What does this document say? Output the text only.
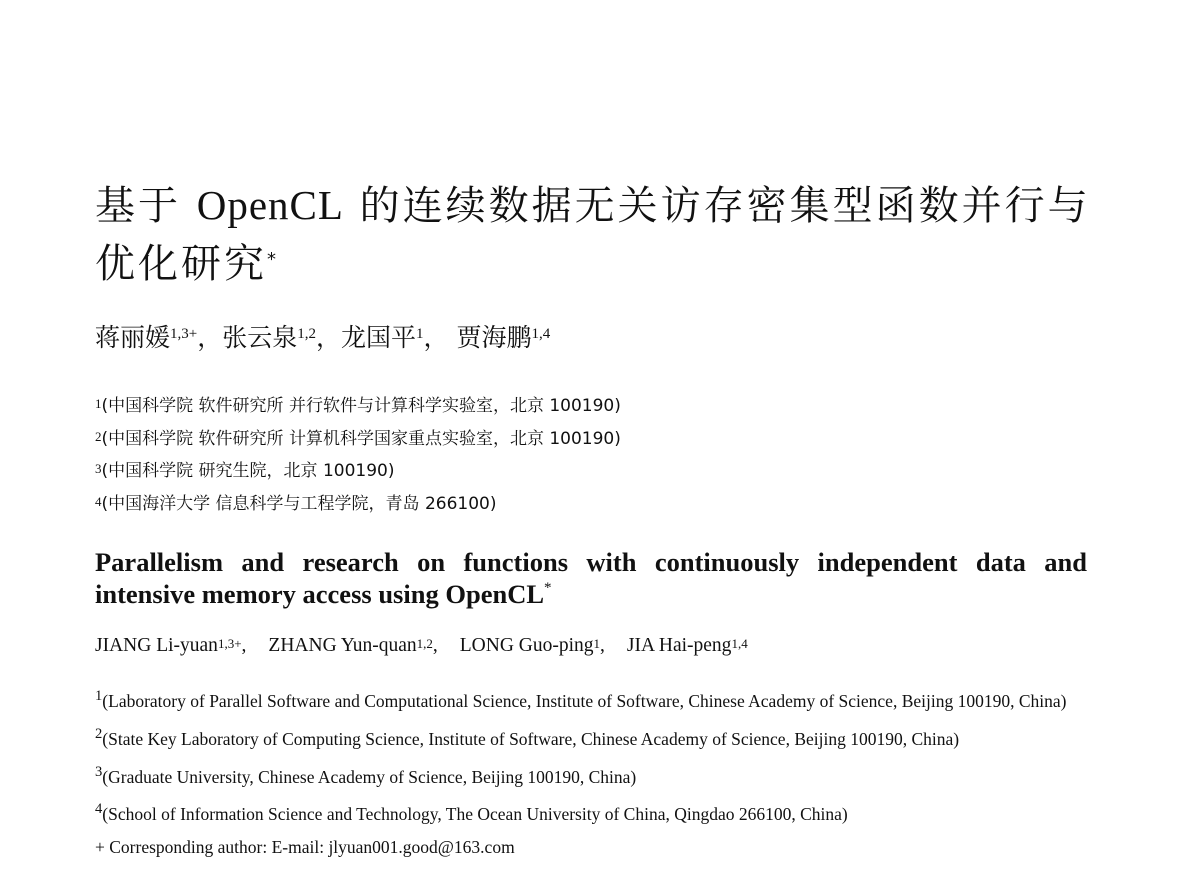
基于 OpenCL 的连续数据无关访存密集型函数并行与优化研究*
蒋丽媛$^{1,3+}$，张云泉$^{1,2}$，龙国平$^1$， 贾海鹏$^{1,4}$
$^1$(中国科学院 软件研究所 并行软件与计算科学实验室，北京 100190)
$^2$(中国科学院 软件研究所 计算机科学国家重点实验室，北京 100190)
$^3$(中国科学院 研究生院，北京 100190)
$^4$(中国海洋大学 信息科学与工程学院，青岛 266100)
Parallelism and research on functions with continuously independent data and intensive memory access using OpenCL*
JIANG Li-yuan$^{1,3+}$, ZHANG Yun-quan$^{1,2}$, LONG Guo-ping$^1$, JIA Hai-peng$^{1,4}$
$^1$(Laboratory of Parallel Software and Computational Science, Institute of Software, Chinese Academy of Science, Beijing 100190, China)
$^2$(State Key Laboratory of Computing Science, Institute of Software, Chinese Academy of Science, Beijing 100190, China)
$^3$(Graduate University, Chinese Academy of Science, Beijing 100190, China)
$^4$(School of Information Science and Technology, The Ocean University of China, Qingdao 266100, China)
+ Corresponding author: E-mail: jlyuan001.good@163.com
